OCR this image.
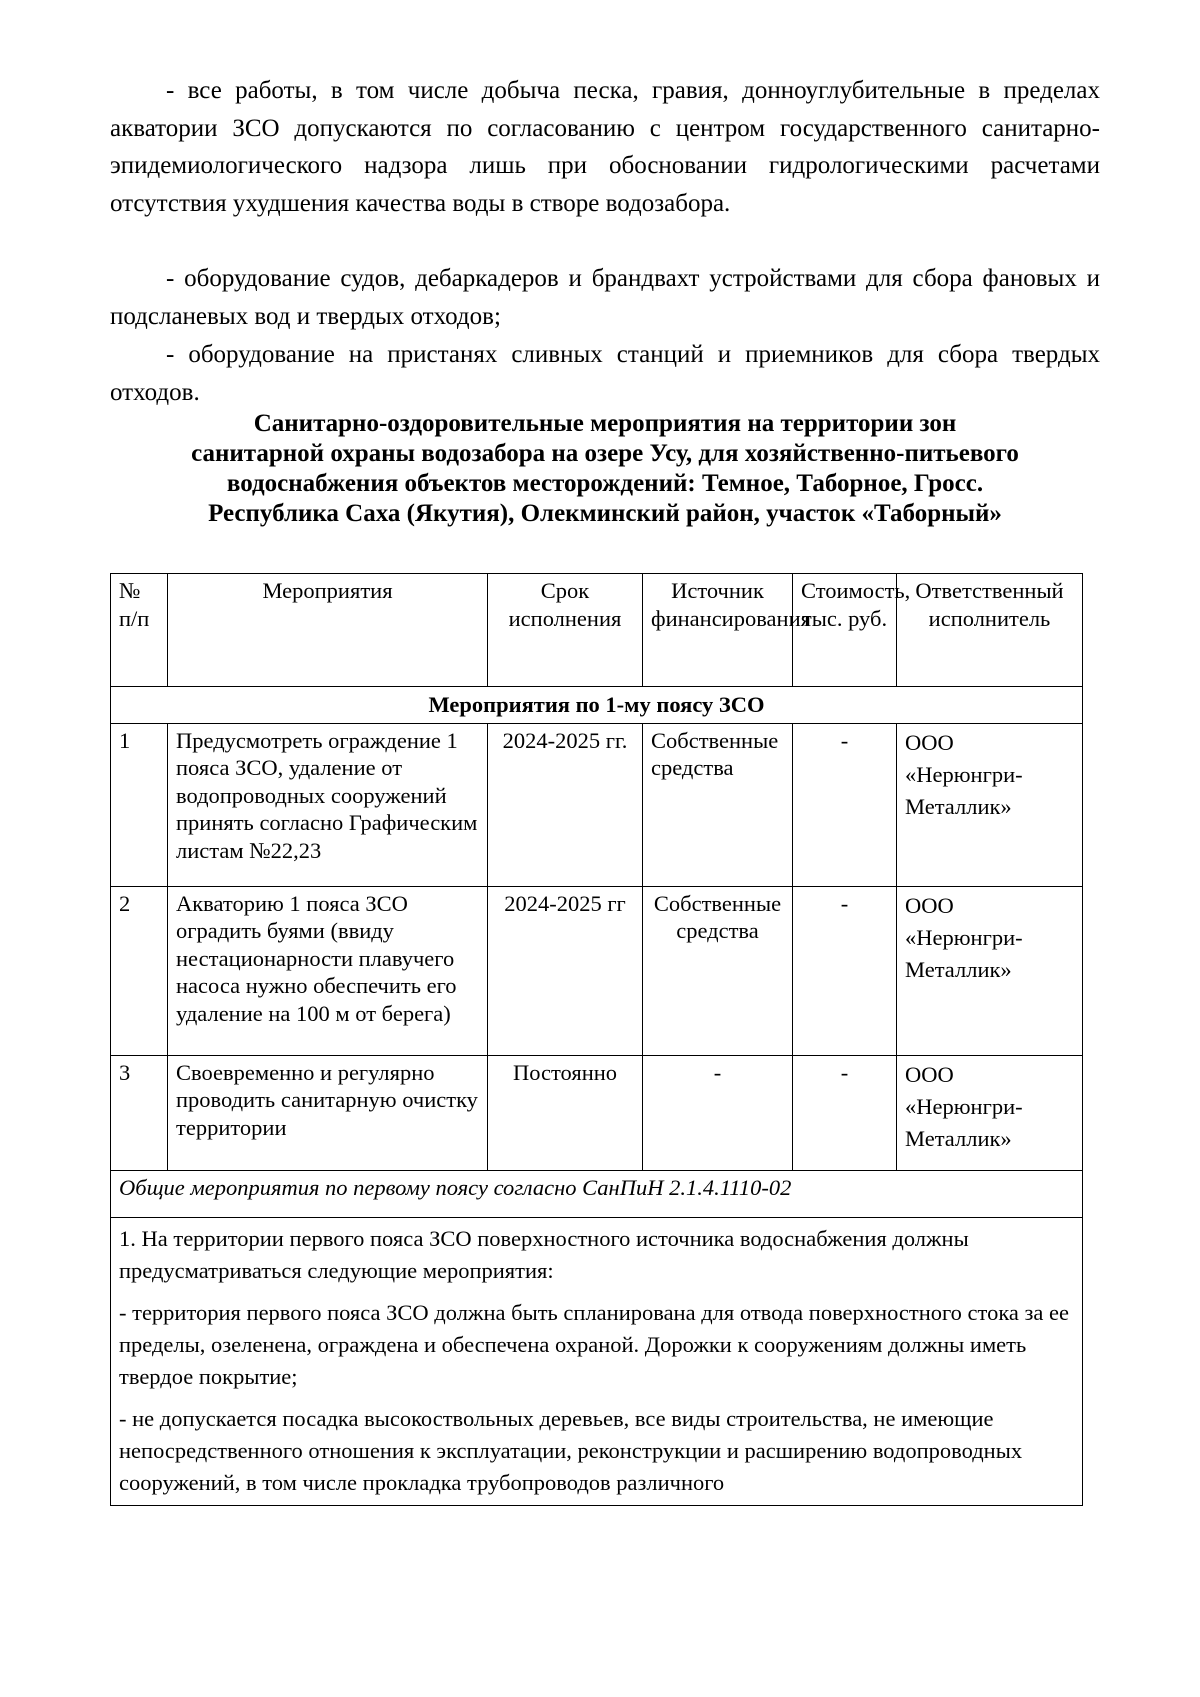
- все работы, в том числе добыча песка, гравия, донноуглубительные в пределах акватории ЗСО допускаются по согласованию с центром государственного санитарно-эпидемиологического надзора лишь при обосновании гидрологическими расчетами отсутствия ухудшения качества воды в створе водозабора.

- оборудование судов, дебаркадеров и брандвахт устройствами для сбора фановых и подсланевых вод и твердых отходов;

- оборудование на пристанях сливных станций и приемников для сбора твердых отходов.

Санитарно-оздоровительные мероприятия на территории зон
санитарной охраны водозабора на озере Усу, для хозяйственно-питьевого
водоснабжения объектов месторождений: Темное, Таборное, Гросс.
Республика Саха (Якутия), Олекминский район, участок «Таборный»
№ п/п	Мероприятия	Срок исполнения	Источник финансирования	Стоимость, тыс. руб.	Ответственный исполнитель
Мероприятия по 1-му поясу ЗСО					
1	Предусмотреть ограждение 1 пояса ЗСО, удаление от водопроводных сооружений принять согласно Графическим листам №22,23	2024-2025 гг.	Собственные средства	-	ООО «Нерюнгри-Металлик»
2	Акваторию 1 пояса ЗСО оградить буями (ввиду нестационарности плавучего насоса нужно обеспечить его удаление на 100 м от берега)	2024-2025 гг	Собственные средства	-	ООО «Нерюнгри-Металлик»
3	Своевременно и регулярно проводить санитарную очистку территории	Постоянно	-	-	ООО «Нерюнгри-Металлик»
Общие мероприятия по первому поясу согласно СанПиН 2.1.4.1110-02					

1. На территории первого пояса ЗСО поверхностного источника водоснабжения должны предусматриваться следующие мероприятия:

- территория первого пояса ЗСО должна быть спланирована для отвода поверхностного стока за ее пределы, озеленена, ограждена и обеспечена охраной. Дорожки к сооружениям должны иметь твердое покрытие;

- не допускается посадка высокоствольных деревьев, все виды строительства, не имеющие непосредственного отношения к эксплуатации, реконструкции и расширению водопроводных сооружений, в том числе прокладка трубопроводов различного					
